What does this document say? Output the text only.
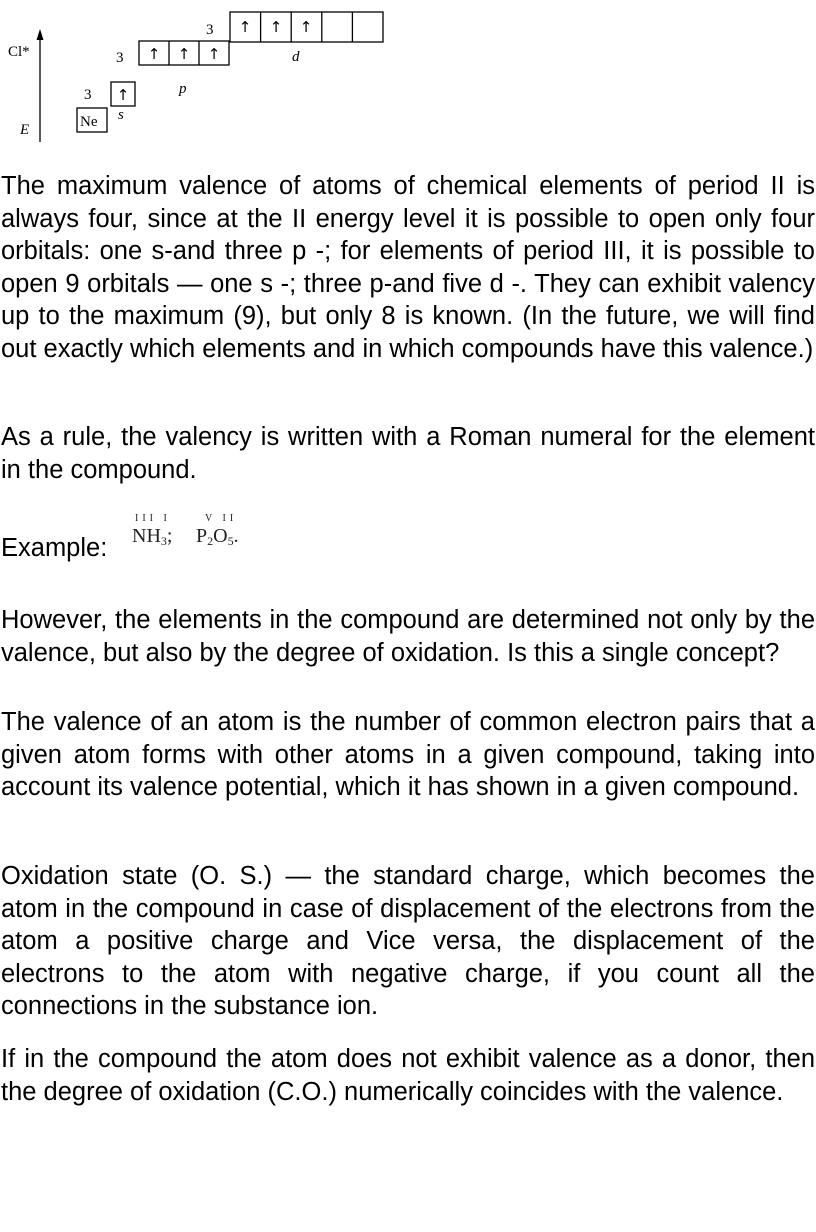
Cl*
E	Ne
3 ↑
s
3 ↑ ↑ ↑
p
3 ↑ ↑ ↑
d

The maximum valence of atoms of chemical elements of period II is always four, since at the II energy level it is possible to open only four orbitals: one s-and three p -; for elements of period III, it is possible to open 9 orbitals — one s -; three p-and five d -. They can exhibit valency up to the maximum (9), but only 8 is known. (In the future, we will find out exactly which elements and in which compounds have this valence.)

As a rule, the valency is written with a Roman numeral for the element in the compound.

Example:
III I
$NH_3$;
V II
$P_2O_5$.

However, the elements in the compound are determined not only by the valence, but also by the degree of oxidation. Is this a single concept?

The valence of an atom is the number of common electron pairs that a given atom forms with other atoms in a given compound, taking into account its valence potential, which it has shown in a given compound.

Oxidation state (O. S.) — the standard charge, which becomes the atom in the compound in case of displacement of the electrons from the atom a positive charge and Vice versa, the displacement of the electrons to the atom with negative charge, if you count all the connections in the substance ion.

If in the compound the atom does not exhibit valence as a donor, then the degree of oxidation (C.O.) numerically coincides with the valence.
